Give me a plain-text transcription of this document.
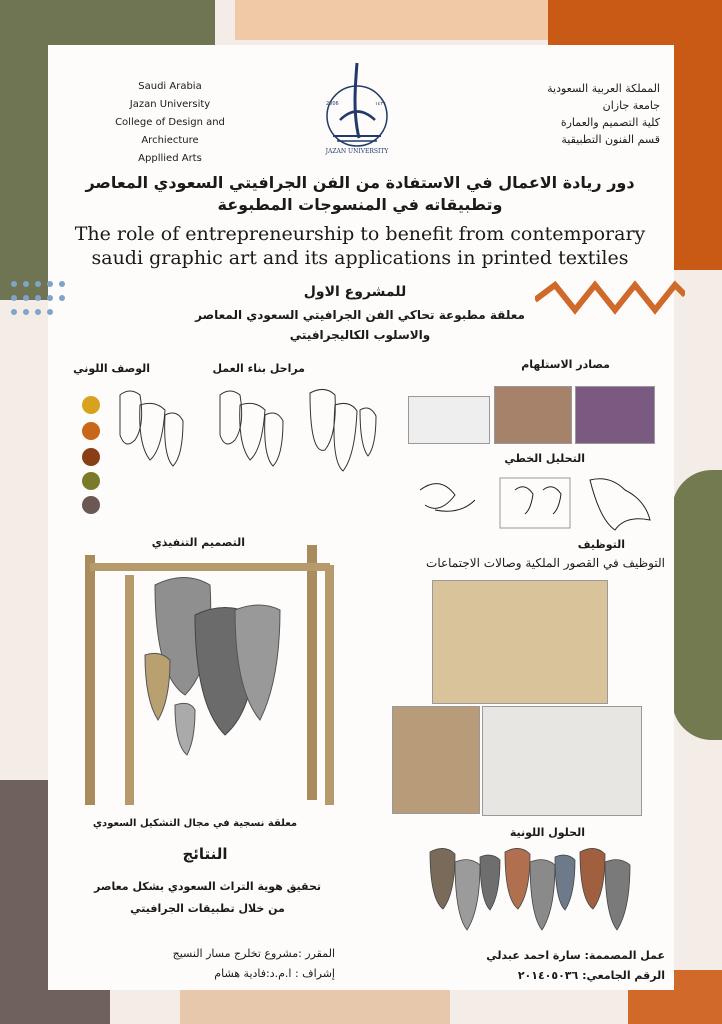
Saudi Arabia
Jazan University
College of Design and Archiecture
Appllied Arts
2006	١٤٢٦
JAZAN UNIVERSITY
المملكة العربية السعودية
جامعة جازان
كلية التصميم والعمارة
قسم الفنون التطبيقية
دور ريادة الاعمال في الاستفادة من الفن الجرافيتي السعودي المعاصر
وتطبيقاته في المنسوجات المطبوعة
The role of entrepreneurship to benefit from contemporary
saudi graphic art and its applications in printed textiles
للمشروع الاول
معلقة مطبوعة تحاكي الفن الجرافيتي السعودي المعاصر
والاسلوب الكاليجرافيتي
الوصف اللوني	مراحل بناء العمل	مصادر الاستلهام
التحليل الخطي
التصميم التنفيذي
معلقة نسجية في مجال التشكيل السعودي
التوظيف
التوظيف في القصور الملكية وصالات الاجتماعات
الحلول اللونية
النتائج
تحقيق هوية التراث السعودي بشكل معاصر
من خلال تطبيقات الجرافيتي
المقرر :مشروع تخلرج مسار النسيج
إشراف : ا.م.د:فادية هشام
عمل المصممة: سارة احمد عبدلي
الرقم الجامعي: ٢٠١٤٠٥٠٣٦
